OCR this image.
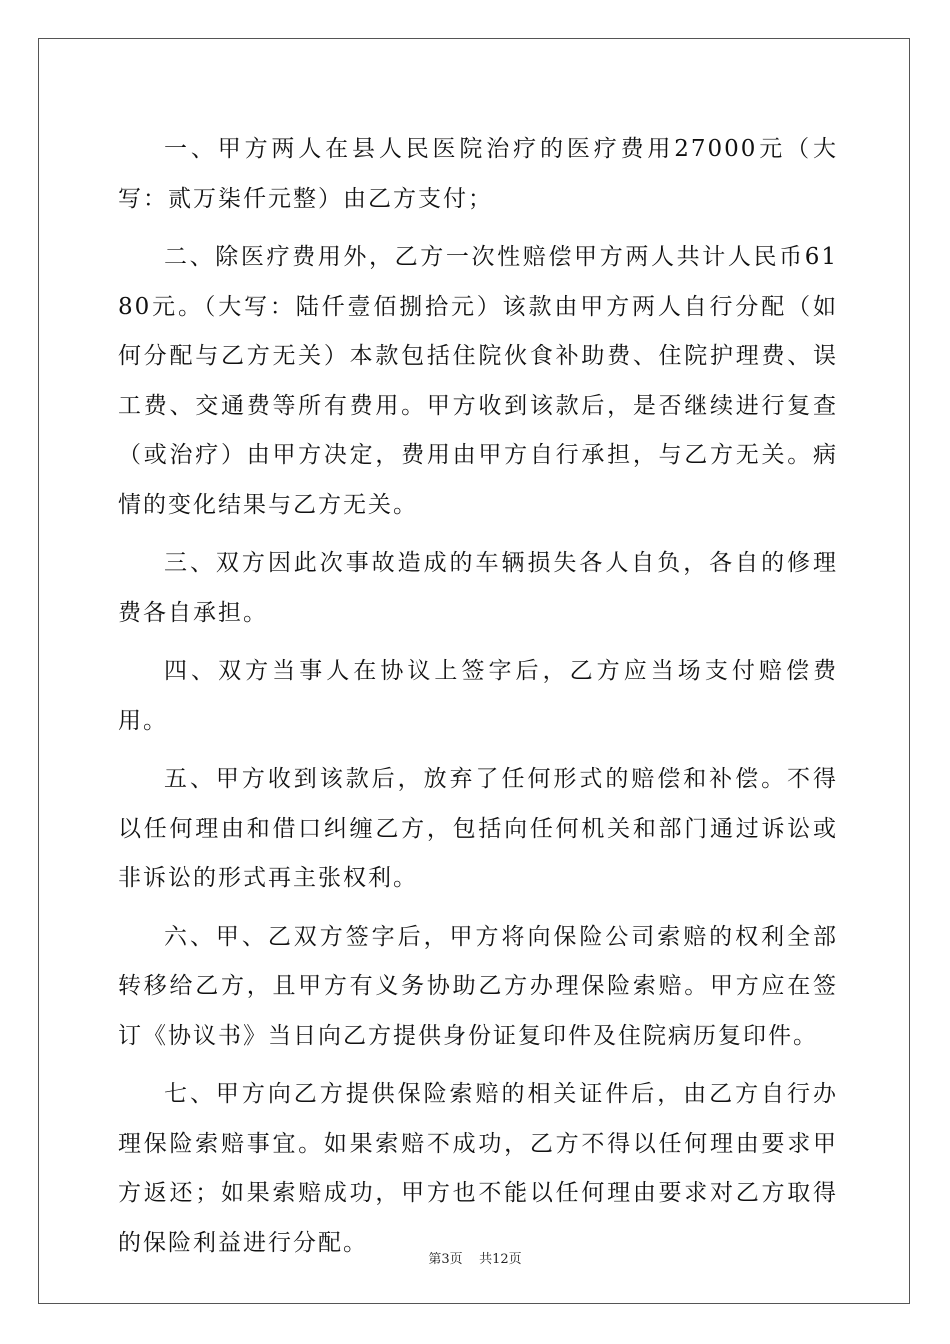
一、甲方两人在县人民医院治疗的医疗费用27000元（大写：贰万柒仟元整）由乙方支付；

二、除医疗费用外，乙方一次性赔偿甲方两人共计人民币6180元。（大写：陆仟壹佰捌拾元）该款由甲方两人自行分配（如何分配与乙方无关）本款包括住院伙食补助费、住院护理费、误工费、交通费等所有费用。甲方收到该款后，是否继续进行复查（或治疗）由甲方决定，费用由甲方自行承担，与乙方无关。病情的变化结果与乙方无关。

三、双方因此次事故造成的车辆损失各人自负，各自的修理费各自承担。

四、双方当事人在协议上签字后，乙方应当场支付赔偿费用。

五、甲方收到该款后，放弃了任何形式的赔偿和补偿。不得以任何理由和借口纠缠乙方，包括向任何机关和部门通过诉讼或非诉讼的形式再主张权利。

六、甲、乙双方签字后，甲方将向保险公司索赔的权利全部转移给乙方，且甲方有义务协助乙方办理保险索赔。甲方应在签订《协议书》当日向乙方提供身份证复印件及住院病历复印件。

七、甲方向乙方提供保险索赔的相关证件后，由乙方自行办理保险索赔事宜。如果索赔不成功，乙方不得以任何理由要求甲方返还；如果索赔成功，甲方也不能以任何理由要求对乙方取得的保险利益进行分配。

第3页 共12页
